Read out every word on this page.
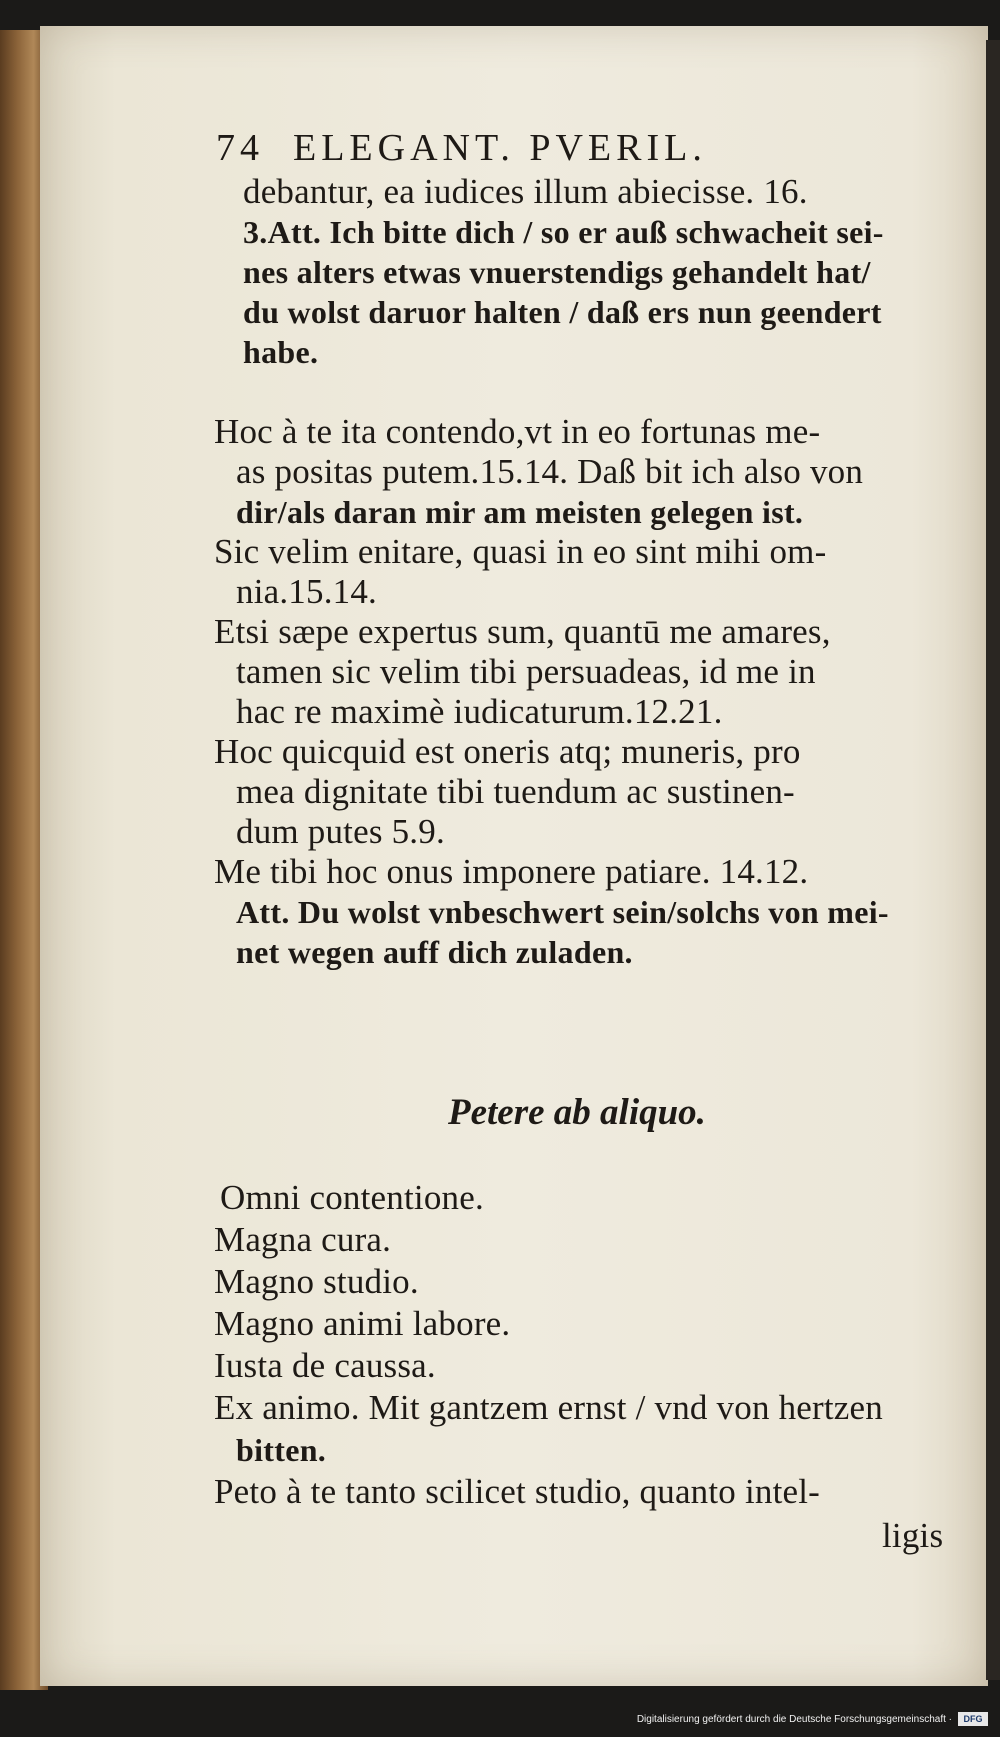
74 ELEGANT. PVERIL.
debantur, ea iudices illum abiecisse. 16.
3.Att. Ich bitte dich / so er auß schwacheit sei-
nes alters etwas vnuerstendigs gehandelt hat/
du wolst daruor halten / daß ers nun geendert
habe.
Hoc à te ita contendo,vt in eo fortunas me-
as positas putem.15.14. Daß bit ich also von
dir/als daran mir am meisten gelegen ist.
Sic velim enitare, quasi in eo sint mihi om-
nia.15.14.
Etsi sæpe expertus sum, quantū me amares,
tamen sic velim tibi persuadeas, id me in
hac re maximè iudicaturum.12.21.
Hoc quicquid est oneris atq; muneris, pro
mea dignitate tibi tuendum ac sustinen-
dum putes 5.9.
Me tibi hoc onus imponere patiare. 14.12.
Att. Du wolst vnbeschwert sein/solchs von mei-
net wegen auff dich zuladen.
Petere ab aliquo.
Omni contentione.
Magna cura.
Magno studio.
Magno animi labore.
Iusta de caussa.
Ex animo. Mit gantzem ernst / vnd von hertzen
bitten.
Peto à te tanto scilicet studio, quanto intel-
ligis
Digitalisierung gefördert durch die Deutsche Forschungsgemeinschaft ·	DFG
